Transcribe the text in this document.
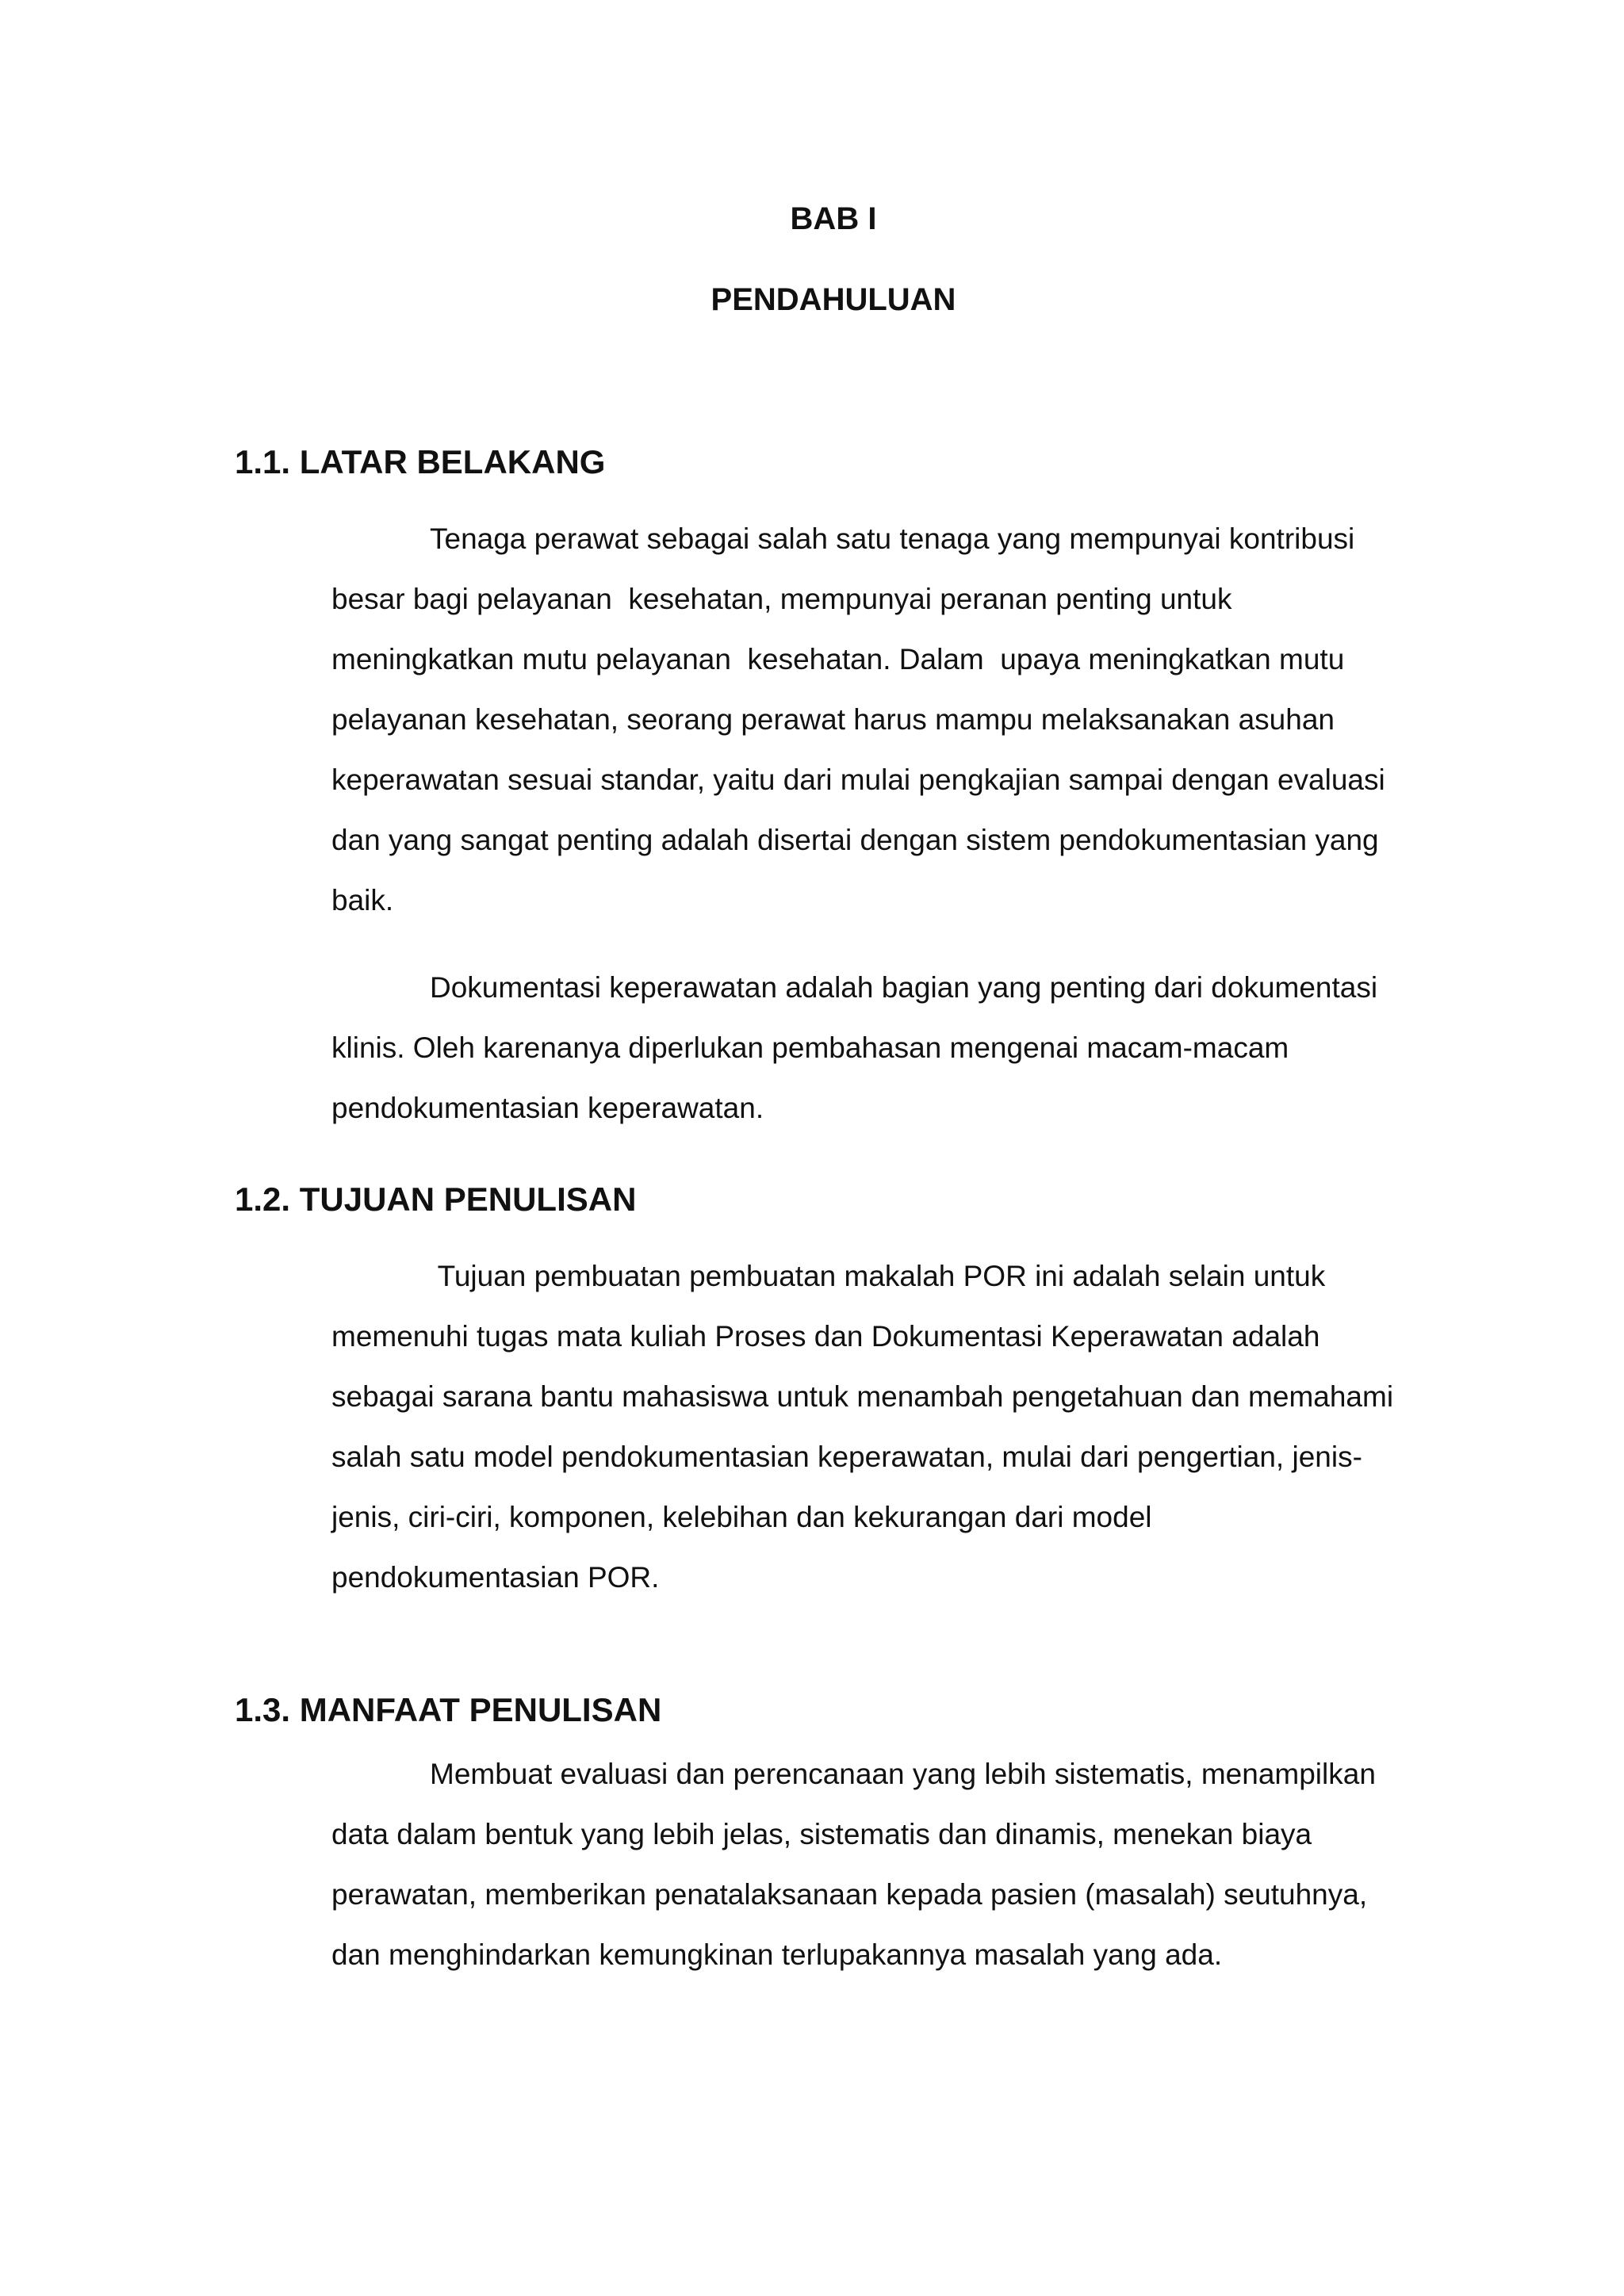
BAB I
PENDAHULUAN
1.1. LATAR BELAKANG
Tenaga perawat sebagai salah satu tenaga yang mempunyai kontribusi
besar bagi pelayanan  kesehatan, mempunyai peranan penting untuk
meningkatkan mutu pelayanan  kesehatan. Dalam  upaya meningkatkan mutu
pelayanan kesehatan, seorang perawat harus mampu melaksanakan asuhan
keperawatan sesuai standar, yaitu dari mulai pengkajian sampai dengan evaluasi
dan yang sangat penting adalah disertai dengan sistem pendokumentasian yang
baik.
Dokumentasi keperawatan adalah bagian yang penting dari dokumentasi
klinis. Oleh karenanya diperlukan pembahasan mengenai macam-macam
pendokumentasian keperawatan.
1.2. TUJUAN PENULISAN
Tujuan pembuatan pembuatan makalah POR ini adalah selain untuk
memenuhi tugas mata kuliah Proses dan Dokumentasi Keperawatan adalah
sebagai sarana bantu mahasiswa untuk menambah pengetahuan dan memahami
salah satu model pendokumentasian keperawatan, mulai dari pengertian, jenis-
jenis, ciri-ciri, komponen, kelebihan dan kekurangan dari model
pendokumentasian POR.
1.3. MANFAAT PENULISAN
Membuat evaluasi dan perencanaan yang lebih sistematis, menampilkan
data dalam bentuk yang lebih jelas, sistematis dan dinamis, menekan biaya
perawatan, memberikan penatalaksanaan kepada pasien (masalah) seutuhnya,
dan menghindarkan kemungkinan terlupakannya masalah yang ada.
